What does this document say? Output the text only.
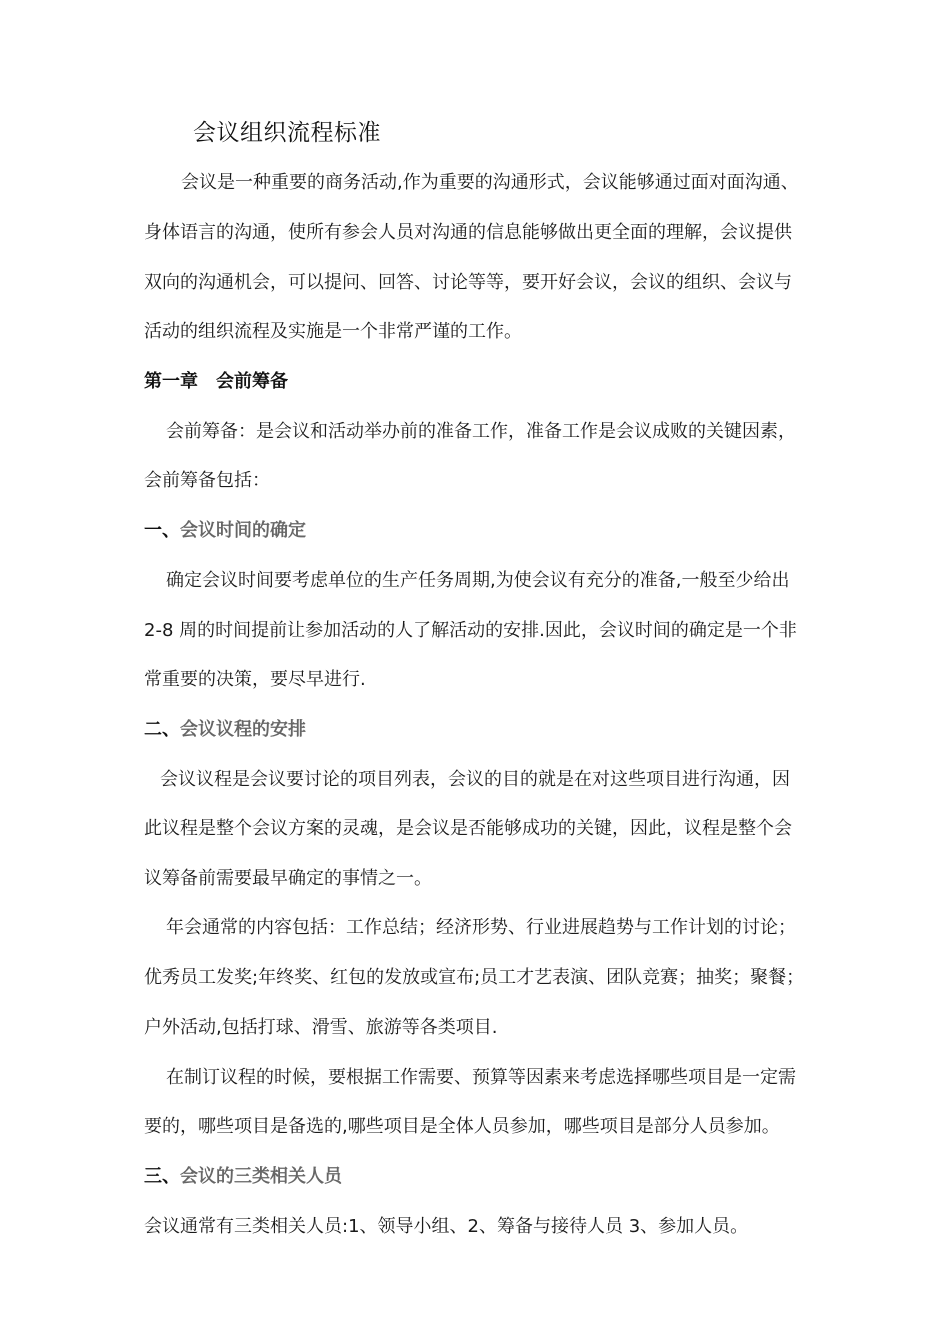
会议组织流程标准
会议是一种重要的商务活动,作为重要的沟通形式，会议能够通过面对面沟通、
身体语言的沟通，使所有参会人员对沟通的信息能够做出更全面的理解，会议提供
双向的沟通机会，可以提问、回答、讨论等等，要开好会议，会议的组织、会议与
活动的组织流程及实施是一个非常严谨的工作。
第一章　会前筹备
会前筹备：是会议和活动举办前的准备工作，准备工作是会议成败的关键因素，
会前筹备包括：
一、会议时间的确定
确定会议时间要考虑单位的生产任务周期,为使会议有充分的准备,一般至少给出
2-8 周的时间提前让参加活动的人了解活动的安排.因此，会议时间的确定是一个非
常重要的决策，要尽早进行.
二、会议议程的安排
会议议程是会议要讨论的项目列表，会议的目的就是在对这些项目进行沟通，因
此议程是整个会议方案的灵魂，是会议是否能够成功的关键，因此，议程是整个会
议筹备前需要最早确定的事情之一。
年会通常的内容包括：工作总结；经济形势、行业进展趋势与工作计划的讨论；
优秀员工发奖;年终奖、红包的发放或宣布;员工才艺表演、团队竞赛；抽奖；聚餐；
户外活动,包括打球、滑雪、旅游等各类项目.
在制订议程的时候，要根据工作需要、预算等因素来考虑选择哪些项目是一定需
要的，哪些项目是备选的,哪些项目是全体人员参加，哪些项目是部分人员参加。
三、会议的三类相关人员
会议通常有三类相关人员:1、领导小组、2、筹备与接待人员 3、参加人员。
